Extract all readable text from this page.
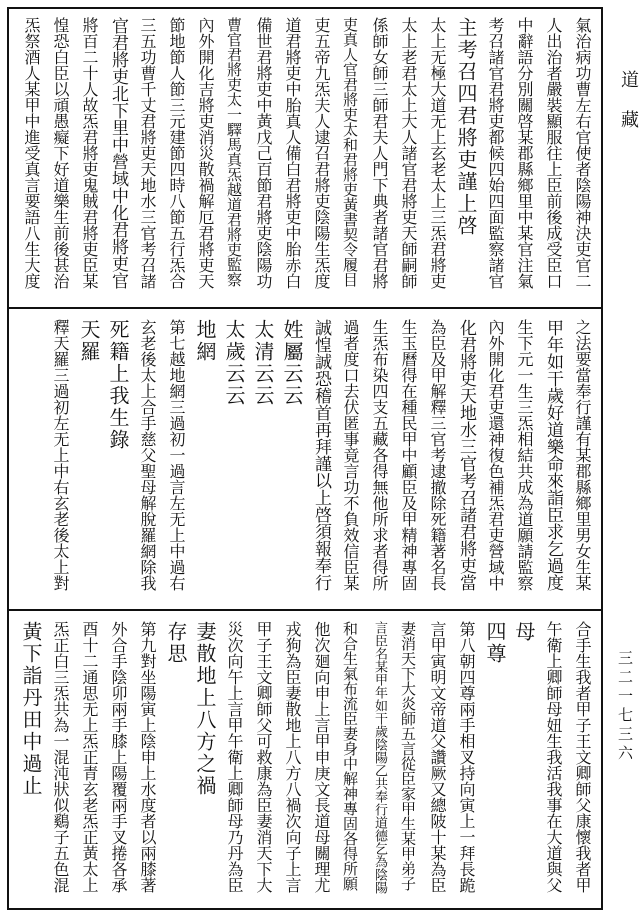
氣治病功曹左右官使者陰陽神決吏官二
人出治者嚴裝顯服往上臣前後成受臣口
中辭語分別關啓某郡縣鄉里中某官注氣
考召諸官君將吏都候四始四面監察諸官
主考召四君將吏謹上啓
太上无極大道无上玄老太上三炁君將吏
太上老君太上大人諸官君將吏天師嗣師
係師女師三師君夫人門下典者諸官君將
吏真人官君將吏太和君將吏黃書契令履目
吏五帝九炁夫人逮召君將吏陰陽生炁度
道君將吏中胎真人備白君將吏中胎赤白
備世君將吏中黃戊己百節君將吏陰陽功
曹官君將吏太一驛馬真炁越道君將吏監察
內外開化吉將吏消災散禍解厄君將吏天
節地節人節三元建節四時八節五行炁合
三五功曹千丈君將吏天地水三官考召諸
官君將吏北下里中營域中化君將吏官
將百二十人故炁君將吏鬼賊君將吏臣某
惶恐白臣以頑愚癡下好道樂生前後甚治
炁祭酒人某甲中進受真言要語八生大度
之法要當奉行謹有某郡縣鄉里男女生某
甲年如干歲好道樂命來詣臣求乞過度
生下元一生三炁相結共成為道願請監察
內外開化君吏還神復色補炁君吏營域中
化君將吏天地水三官考召諸君將吏當
為臣及甲解釋三官考逮撤除死籍著名長
生玉曆得在種民甲中顧臣及甲精神專固
生炁布染四支五藏各得無他所求者得所
過者度口去伏匿事竟言功不負效信臣某
誠惶誠恐稽首再拜謹以上啓須報奉行
姓屬云云
太清云云
太歲云云
地網
第七越地網三過初一過言左无上中過右
玄老後太上合手慈父聖母解脫羅網除我
死籍上我生錄
天羅
釋天羅三過初左无上中右玄老後太上對
合手生我者甲子王文卿師父康懷我者甲
午衛上卿師母妞生我活我事在大道與父
母
四尊
第八朝四尊兩手相叉持向寅上一拜長跪
言甲寅明文帝道父讚厥又總陂十某為臣
妻消天下大炎師五言從臣家甲生某甲弟子
言臣名某甲年如干歲陰陽乙共奉行道德乞為陰陽
和合生氣布流臣妻身中解神專固各得所願
他次廻向申上言甲申庚文長道母關理尤
戎狗為臣妻散地上八方八禍次向子上言
甲子王文卿師父可救康為臣妻消天下大
災次向午上言甲午衛上卿師母乃丹為臣
妻散地上八方之禍
存思
第九對坐陽寅上陰申上水度者以兩膝著
外合手陰卯兩手膝上陽覆兩手叉捲各承
酉十二通思无上炁正青玄老炁正黃太上
炁正白三炁共為一混沌狀似鷄子五色混
黃下詣丹田中過止
道藏
三二一七三六
